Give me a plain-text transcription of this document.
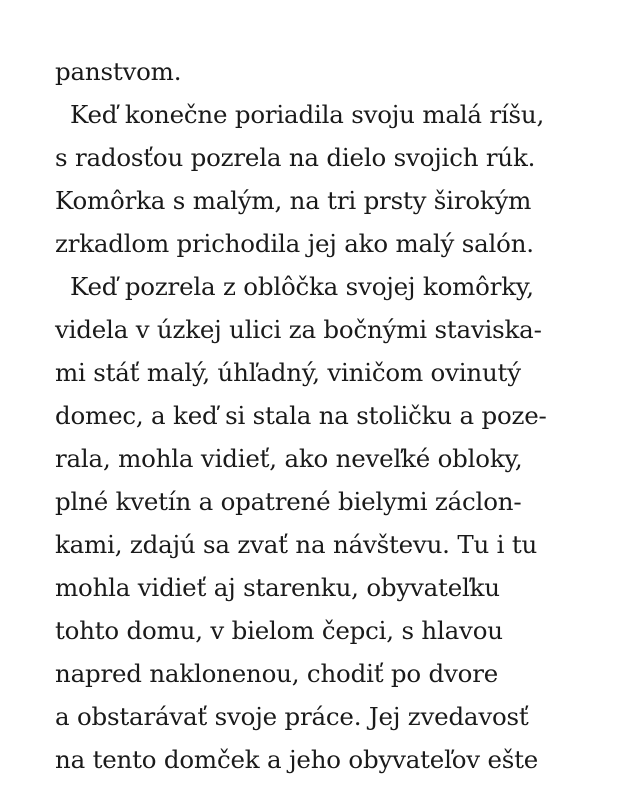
panstvom.
Keď konečne poriadila svoju malá ríšu,
s radosťou pozrela na dielo svojich rúk.
Komôrka s malým, na tri prsty širokým
zrkadlom prichodila jej ako malý salón.
Keď pozrela z oblôčka svojej komôrky,
videla v úzkej ulici za bočnými staviska-
mi stáť malý, úhľadný, viničom ovinutý
domec, a keď si stala na stoličku a poze-
rala, mohla vidieť, ako neveľké obloky,
plné kvetín a opatrené bielymi záclon-
kami, zdajú sa zvať na návštevu. Tu i tu
mohla vidieť aj starenku, obyvateľku
tohto domu, v bielom čepci, s hlavou
napred naklonenou, chodiť po dvore
a obstarávať svoje práce. Jej zvedavosť
na tento domček a jeho obyvateľov ešte
